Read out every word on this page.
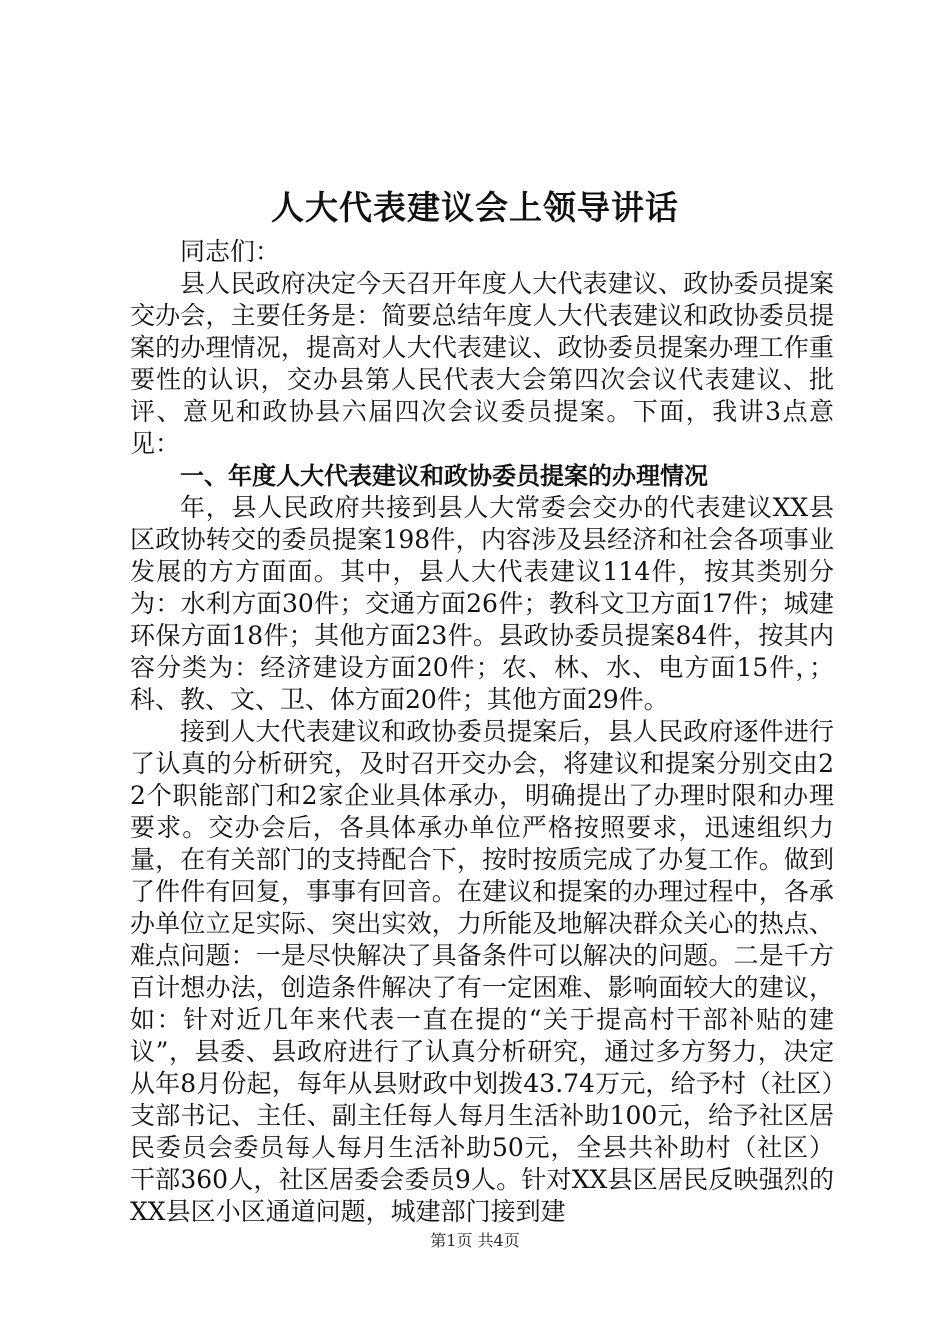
人大代表建议会上领导讲话

同志们：

县人民政府决定今天召开年度人大代表建议、政协委员提案交办会，主要任务是：简要总结年度人大代表建议和政协委员提案的办理情况，提高对人大代表建议、政协委员提案办理工作重要性的认识，交办县第人民代表大会第四次会议代表建议、批评、意见和政协县六届四次会议委员提案。下面，我讲3点意见：

一、年度人大代表建议和政协委员提案的办理情况

年，县人民政府共接到县人大常委会交办的代表建议XX县区政协转交的委员提案198件，内容涉及县经济和社会各项事业发展的方方面面。其中，县人大代表建议114件，按其类别分为：水利方面30件；交通方面26件；教科文卫方面17件；城建环保方面18件；其他方面23件。县政协委员提案84件，按其内容分类为：经济建设方面20件；农、林、水、电方面15件，；科、教、文、卫、体方面20件；其他方面29件。

接到人大代表建议和政协委员提案后，县人民政府逐件进行了认真的分析研究，及时召开交办会，将建议和提案分别交由22个职能部门和2家企业具体承办，明确提出了办理时限和办理要求。交办会后，各具体承办单位严格按照要求，迅速组织力量，在有关部门的支持配合下，按时按质完成了办复工作。做到了件件有回复，事事有回音。在建议和提案的办理过程中，各承办单位立足实际、突出实效，力所能及地解决群众关心的热点、难点问题：一是尽快解决了具备条件可以解决的问题。二是千方百计想办法，创造条件解决了有一定困难、影响面较大的建议，如：针对近几年来代表一直在提的“关于提高村干部补贴的建议”，县委、县政府进行了认真分析研究，通过多方努力，决定从年8月份起，每年从县财政中划拨43.74万元，给予村（社区）支部书记、主任、副主任每人每月生活补助100元，给予社区居民委员会委员每人每月生活补助50元，全县共补助村（社区）干部360人，社区居委会委员9人。针对XX县区居民反映强烈的XX县区小区通道问题，城建部门接到建

第1页 共4页
